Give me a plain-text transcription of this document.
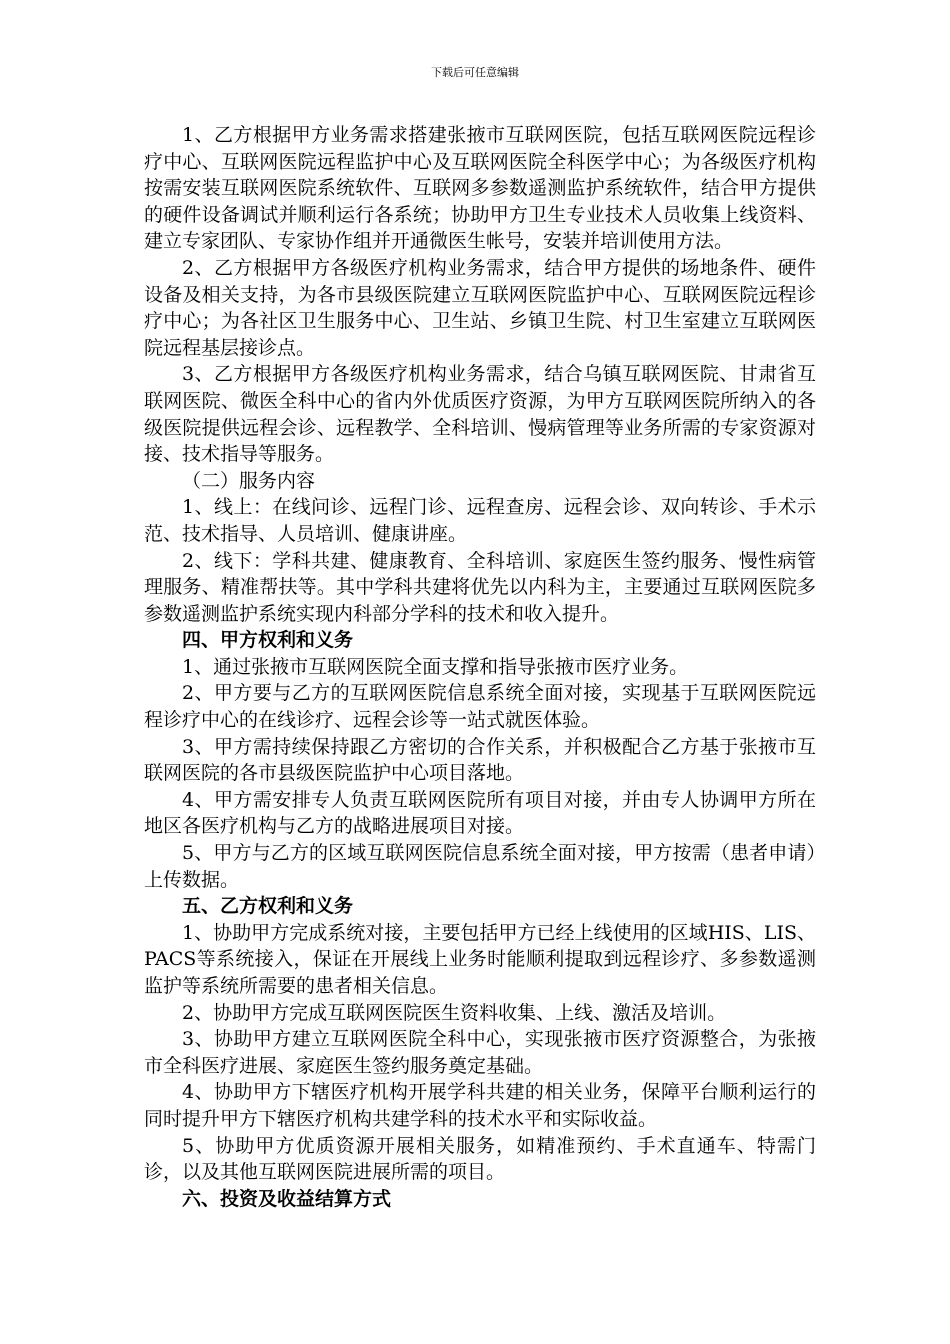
下载后可任意编辑

1、乙方根据甲方业务需求搭建张掖市互联网医院，包括互联网医院远程诊疗中心、互联网医院远程监护中心及互联网医院全科医学中心；为各级医疗机构按需安装互联网医院系统软件、互联网多参数遥测监护系统软件，结合甲方提供的硬件设备调试并顺利运行各系统；协助甲方卫生专业技术人员收集上线资料、建立专家团队、专家协作组并开通微医生帐号，安装并培训使用方法。

2、乙方根据甲方各级医疗机构业务需求，结合甲方提供的场地条件、硬件设备及相关支持，为各市县级医院建立互联网医院监护中心、互联网医院远程诊疗中心；为各社区卫生服务中心、卫生站、乡镇卫生院、村卫生室建立互联网医院远程基层接诊点。

3、乙方根据甲方各级医疗机构业务需求，结合乌镇互联网医院、甘肃省互联网医院、微医全科中心的省内外优质医疗资源，为甲方互联网医院所纳入的各级医院提供远程会诊、远程教学、全科培训、慢病管理等业务所需的专家资源对接、技术指导等服务。

（二）服务内容

1、线上：在线问诊、远程门诊、远程查房、远程会诊、双向转诊、手术示范、技术指导、人员培训、健康讲座。

2、线下：学科共建、健康教育、全科培训、家庭医生签约服务、慢性病管理服务、精准帮扶等。其中学科共建将优先以内科为主，主要通过互联网医院多参数遥测监护系统实现内科部分学科的技术和收入提升。

四、甲方权利和义务

1、通过张掖市互联网医院全面支撑和指导张掖市医疗业务。

2、甲方要与乙方的互联网医院信息系统全面对接，实现基于互联网医院远程诊疗中心的在线诊疗、远程会诊等一站式就医体验。

3、甲方需持续保持跟乙方密切的合作关系，并积极配合乙方基于张掖市互联网医院的各市县级医院监护中心项目落地。

4、甲方需安排专人负责互联网医院所有项目对接，并由专人协调甲方所在地区各医疗机构与乙方的战略进展项目对接。

5、甲方与乙方的区域互联网医院信息系统全面对接，甲方按需（患者申请）上传数据。

五、乙方权利和义务

1、协助甲方完成系统对接，主要包括甲方已经上线使用的区域HIS、LIS、PACS等系统接入，保证在开展线上业务时能顺利提取到远程诊疗、多参数遥测监护等系统所需要的患者相关信息。

2、协助甲方完成互联网医院医生资料收集、上线、激活及培训。

3、协助甲方建立互联网医院全科中心，实现张掖市医疗资源整合，为张掖市全科医疗进展、家庭医生签约服务奠定基础。

4、协助甲方下辖医疗机构开展学科共建的相关业务，保障平台顺利运行的同时提升甲方下辖医疗机构共建学科的技术水平和实际收益。

5、协助甲方优质资源开展相关服务，如精准预约、手术直通车、特需门诊，以及其他互联网医院进展所需的项目。

六、投资及收益结算方式
